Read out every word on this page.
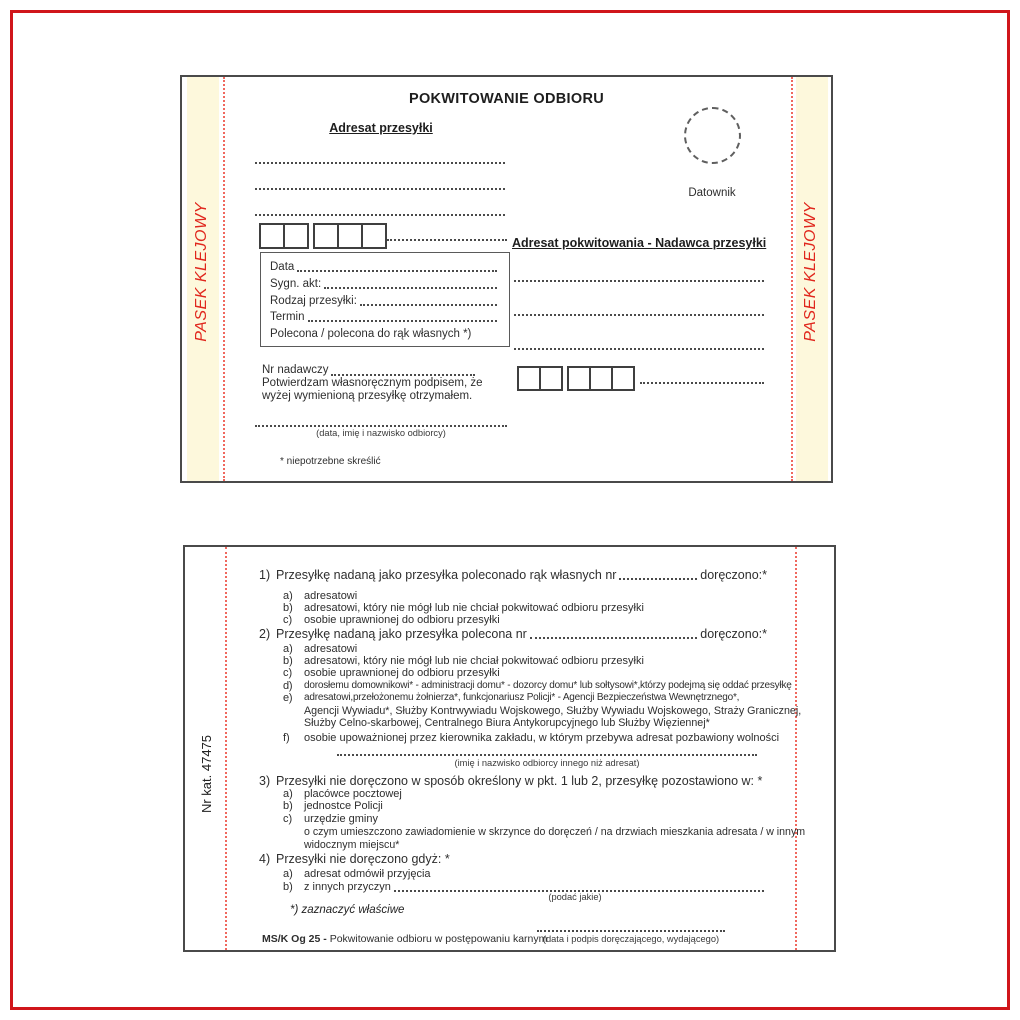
PASEK KLEJOWY	PASEK KLEJOWY
POKWITOWANIE ODBIORU
Adresat przesyłki
Datownik
Adresat pokwitowania - Nadawca przesyłki
Data
Sygn. akt:
Rodzaj przesyłki:
Termin
Polecona / polecona do rąk własnych *)
Nr nadawczy
Potwierdzam własnoręcznym podpisem, że
wyżej wymienioną przesyłkę otrzymałem.
(data, imię i nazwisko odbiorcy)
* niepotrzebne skreślić
Nr kat. 47475
1) Przesyłkę nadaną jako przesyłka poleconado rąk własnych nr	doręczono:*
a)	adresatowi
b)	adresatowi, który nie mógł lub nie chciał pokwitować odbioru przesyłki
c)	osobie uprawnionej do odbioru przesyłki
2) Przesyłkę nadaną jako przesyłka polecona nr	doręczono:*
a)	adresatowi
b)	adresatowi, który nie mógł lub nie chciał pokwitować odbioru przesyłki
c)	osobie uprawnionej do odbioru przesyłki
d)	dorosłemu domownikowi* - administracji domu* - dozorcy domu* lub sołtysowi*,którzy podejmą się oddać przesyłkę
e)	adresatowi,przełożonemu żołnierza*, funkcjonariusz Policji* - Agencji Bezpieczeństwa Wewnętrznego*,
Agencji Wywiadu*, Służby Kontrwywiadu Wojskowego, Służby Wywiadu Wojskowego, Straży Granicznej,
Służby Celno-skarbowej, Centralnego Biura Antykorupcyjnego lub Służby Więziennej*
f)	osobie upoważnionej przez kierownika zakładu, w którym przebywa adresat pozbawiony wolności
(imię i nazwisko odbiorcy innego niż adresat)
3) Przesyłki nie doręczono w sposób określony w pkt. 1 lub 2, przesyłkę pozostawiono w: *
a)	placówce pocztowej
b)	jednostce Policji
c)	urzędzie gminy
o czym umieszczono zawiadomienie w skrzynce do doręczeń / na drzwiach mieszkania adresata / w innym
widocznym miejscu*
4) Przesyłki nie doręczono gdyż: *
a)	adresat odmówił przyjęcia
b)	z innych przyczyn
(podać jakie)
*) zaznaczyć właściwe
MS/K Og 25 - Pokwitowanie odbioru w postępowaniu karnym
(data i podpis doręczającego, wydającego)
